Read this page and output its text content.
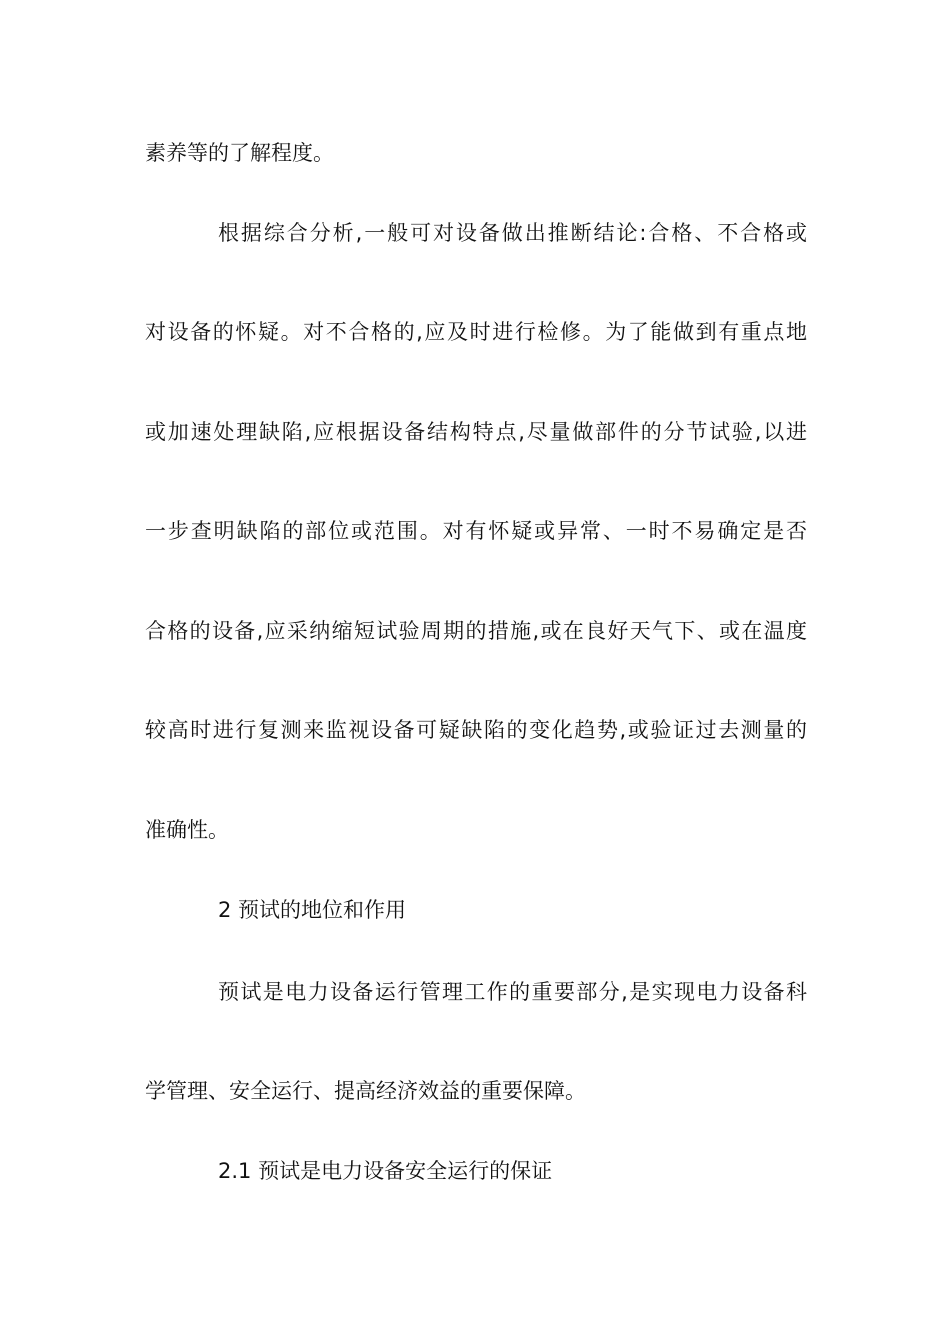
素养等的了解程度。
根据综合分析,一般可对设备做出推断结论:合格、不合格或
对设备的怀疑。对不合格的,应及时进行检修。为了能做到有重点地
或加速处理缺陷,应根据设备结构特点,尽量做部件的分节试验,以进
一步查明缺陷的部位或范围。对有怀疑或异常、一时不易确定是否
合格的设备,应采纳缩短试验周期的措施,或在良好天气下、或在温度
较高时进行复测来监视设备可疑缺陷的变化趋势,或验证过去测量的
准确性。
2 预试的地位和作用
预试是电力设备运行管理工作的重要部分,是实现电力设备科
学管理、安全运行、提高经济效益的重要保障。
2.1 预试是电力设备安全运行的保证
